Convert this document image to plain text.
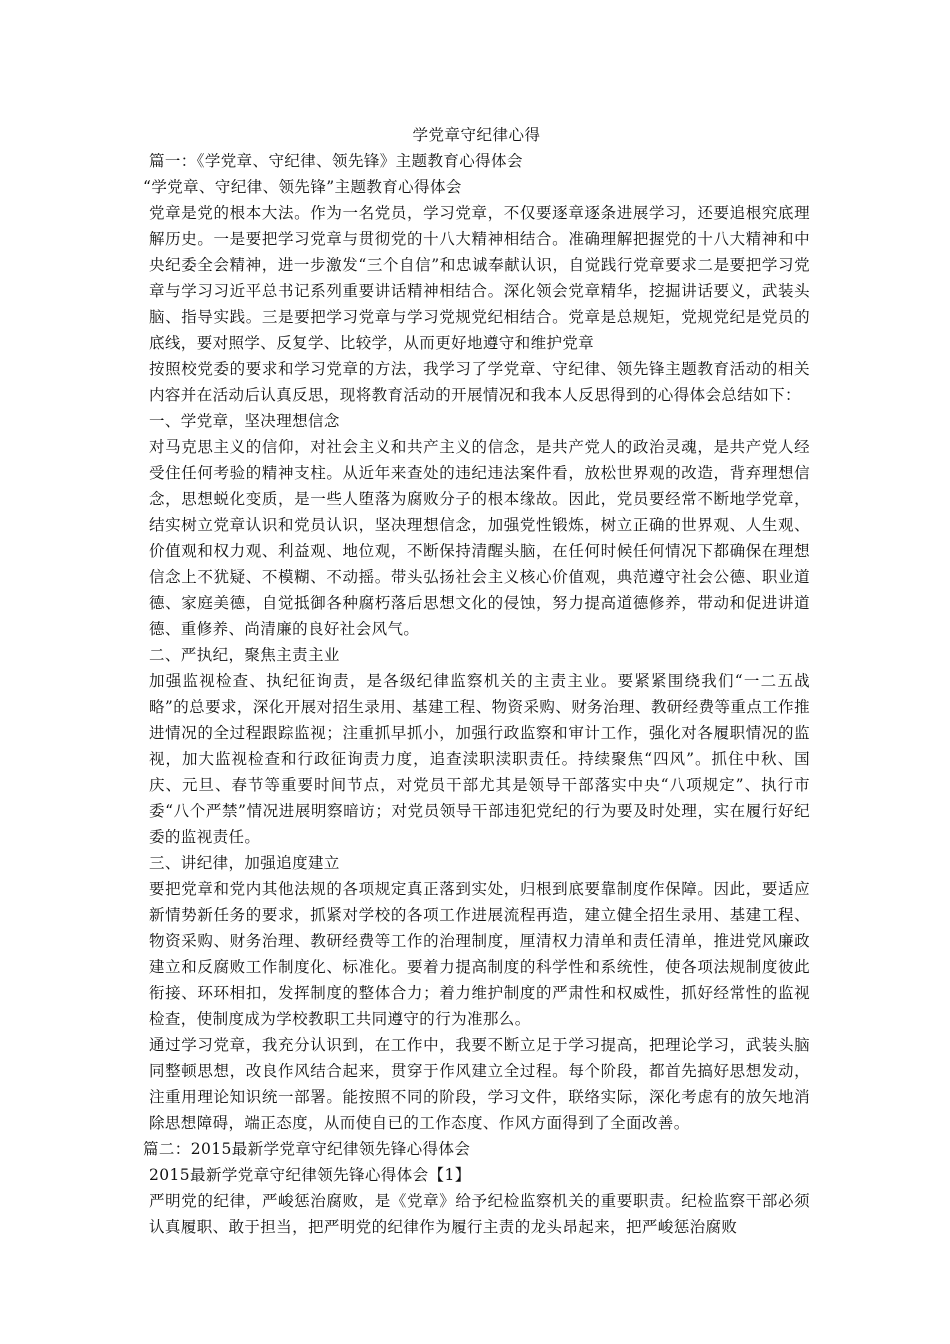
学党章守纪律心得

篇一：《学党章、守纪律、领先锋》主题教育心得体会

“学党章、守纪律、领先锋”主题教育心得体会

党章是党的根本大法。作为一名党员，学习党章，不仅要逐章逐条进展学习，还要追根究底理解历史。一是要把学习党章与贯彻党的十八大精神相结合。准确理解把握党的十八大精神和中央纪委全会精神，进一步激发“三个自信”和忠诚奉献认识，自觉践行党章要求二是要把学习党章与学习习近平总书记系列重要讲话精神相结合。深化领会党章精华，挖掘讲话要义，武装头脑、指导实践。三是要把学习党章与学习党规党纪相结合。党章是总规矩，党规党纪是党员的底线，要对照学、反复学、比较学，从而更好地遵守和维护党章

按照校党委的要求和学习党章的方法，我学习了学党章、守纪律、领先锋主题教育活动的相关内容并在活动后认真反思，现将教育活动的开展情况和我本人反思得到的心得体会总结如下：

一、学党章，坚决理想信念

对马克思主义的信仰，对社会主义和共产主义的信念，是共产党人的政治灵魂，是共产党人经受住任何考验的精神支柱。从近年来查处的违纪违法案件看，放松世界观的改造，背弃理想信念，思想蜕化变质，是一些人堕落为腐败分子的根本缘故。因此，党员要经常不断地学党章，结实树立党章认识和党员认识，坚决理想信念，加强党性锻炼，树立正确的世界观、人生观、价值观和权力观、利益观、地位观，不断保持清醒头脑，在任何时候任何情况下都确保在理想信念上不犹疑、不模糊、不动摇。带头弘扬社会主义核心价值观，典范遵守社会公德、职业道德、家庭美德，自觉抵御各种腐朽落后思想文化的侵蚀，努力提高道德修养，带动和促进讲道德、重修养、尚清廉的良好社会风气。

二、严执纪，聚焦主责主业

加强监视检查、执纪征询责，是各级纪律监察机关的主责主业。要紧紧围绕我们“一二五战略”的总要求，深化开展对招生录用、基建工程、物资采购、财务治理、教研经费等重点工作推进情况的全过程跟踪监视；注重抓早抓小，加强行政监察和审计工作，强化对各履职情况的监视，加大监视检查和行政征询责力度，追查渎职渎职责任。持续聚焦“四风”。抓住中秋、国庆、元旦、春节等重要时间节点，对党员干部尤其是领导干部落实中央“八项规定”、执行市委“八个严禁”情况进展明察暗访；对党员领导干部违犯党纪的行为要及时处理，实在履行好纪委的监视责任。

三、讲纪律，加强追度建立

要把党章和党内其他法规的各项规定真正落到实处，归根到底要靠制度作保障。因此，要适应新情势新任务的要求，抓紧对学校的各项工作进展流程再造，建立健全招生录用、基建工程、物资采购、财务治理、教研经费等工作的治理制度，厘清权力清单和责任清单，推进党风廉政建立和反腐败工作制度化、标准化。要着力提高制度的科学性和系统性，使各项法规制度彼此衔接、环环相扣，发挥制度的整体合力；着力维护制度的严肃性和权威性，抓好经常性的监视检查，使制度成为学校教职工共同遵守的行为准那么。

通过学习党章，我充分认识到，在工作中，我要不断立足于学习提高，把理论学习，武装头脑同整顿思想，改良作风结合起来，贯穿于作风建立全过程。每个阶段，都首先搞好思想发动，注重用理论知识统一部署。能按照不同的阶段，学习文件，联络实际，深化考虑有的放矢地消除思想障碍，端正态度，从而使自已的工作态度、作风方面得到了全面改善。

篇二：2015最新学党章守纪律领先锋心得体会

2015最新学党章守纪律领先锋心得体会【1】

严明党的纪律，严峻惩治腐败，是《党章》给予纪检监察机关的重要职责。纪检监察干部必须认真履职、敢于担当，把严明党的纪律作为履行主责的龙头昂起来，把严峻惩治腐败
